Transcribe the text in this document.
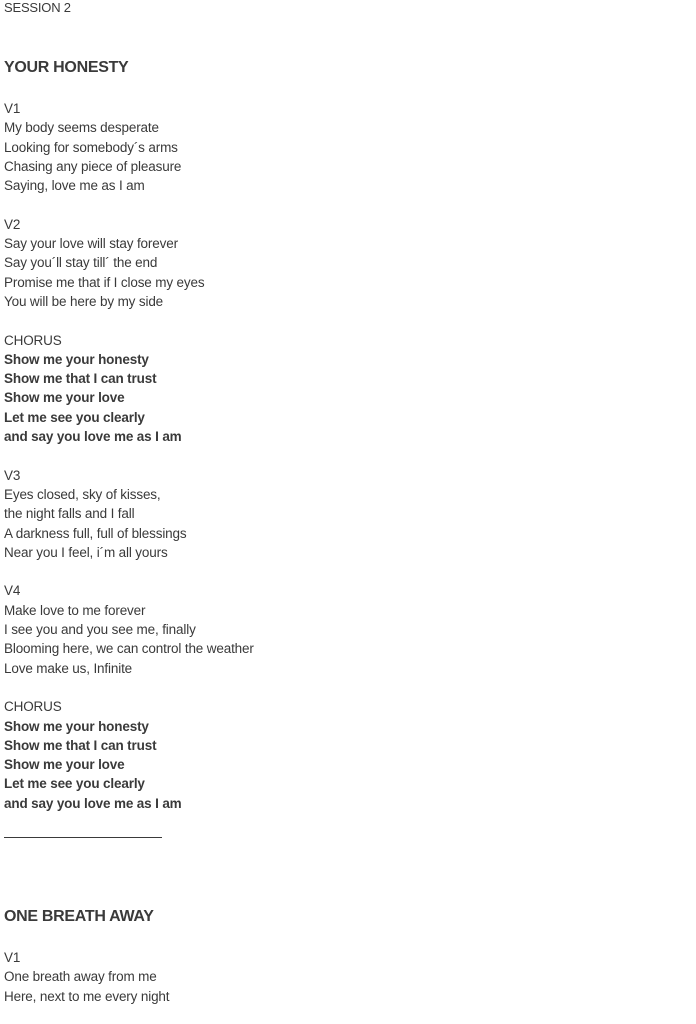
SESSION 2
YOUR HONESTY
V1
My body seems desperate
Looking for somebody´s arms
Chasing any piece of pleasure
Saying, love me as I am
V2
Say your love will stay forever
Say you´ll stay till´ the end
Promise me that if I close my eyes
You will be here by my side
CHORUS
Show me your honesty
Show me that I can trust
Show me your love
Let me see you clearly
and say you love me as I am
V3
Eyes closed, sky of kisses,
the night falls and I fall
A darkness full, full of blessings
Near you I feel, i´m all yours
V4
Make love to me forever
I see you and you see me, finally
Blooming here, we can control the weather
Love make us, Infinite
CHORUS
Show me your honesty
Show me that I can trust
Show me your love
Let me see you clearly
and say you love me as I am
ONE BREATH AWAY
V1
One breath away from me
Here, next to me every night
